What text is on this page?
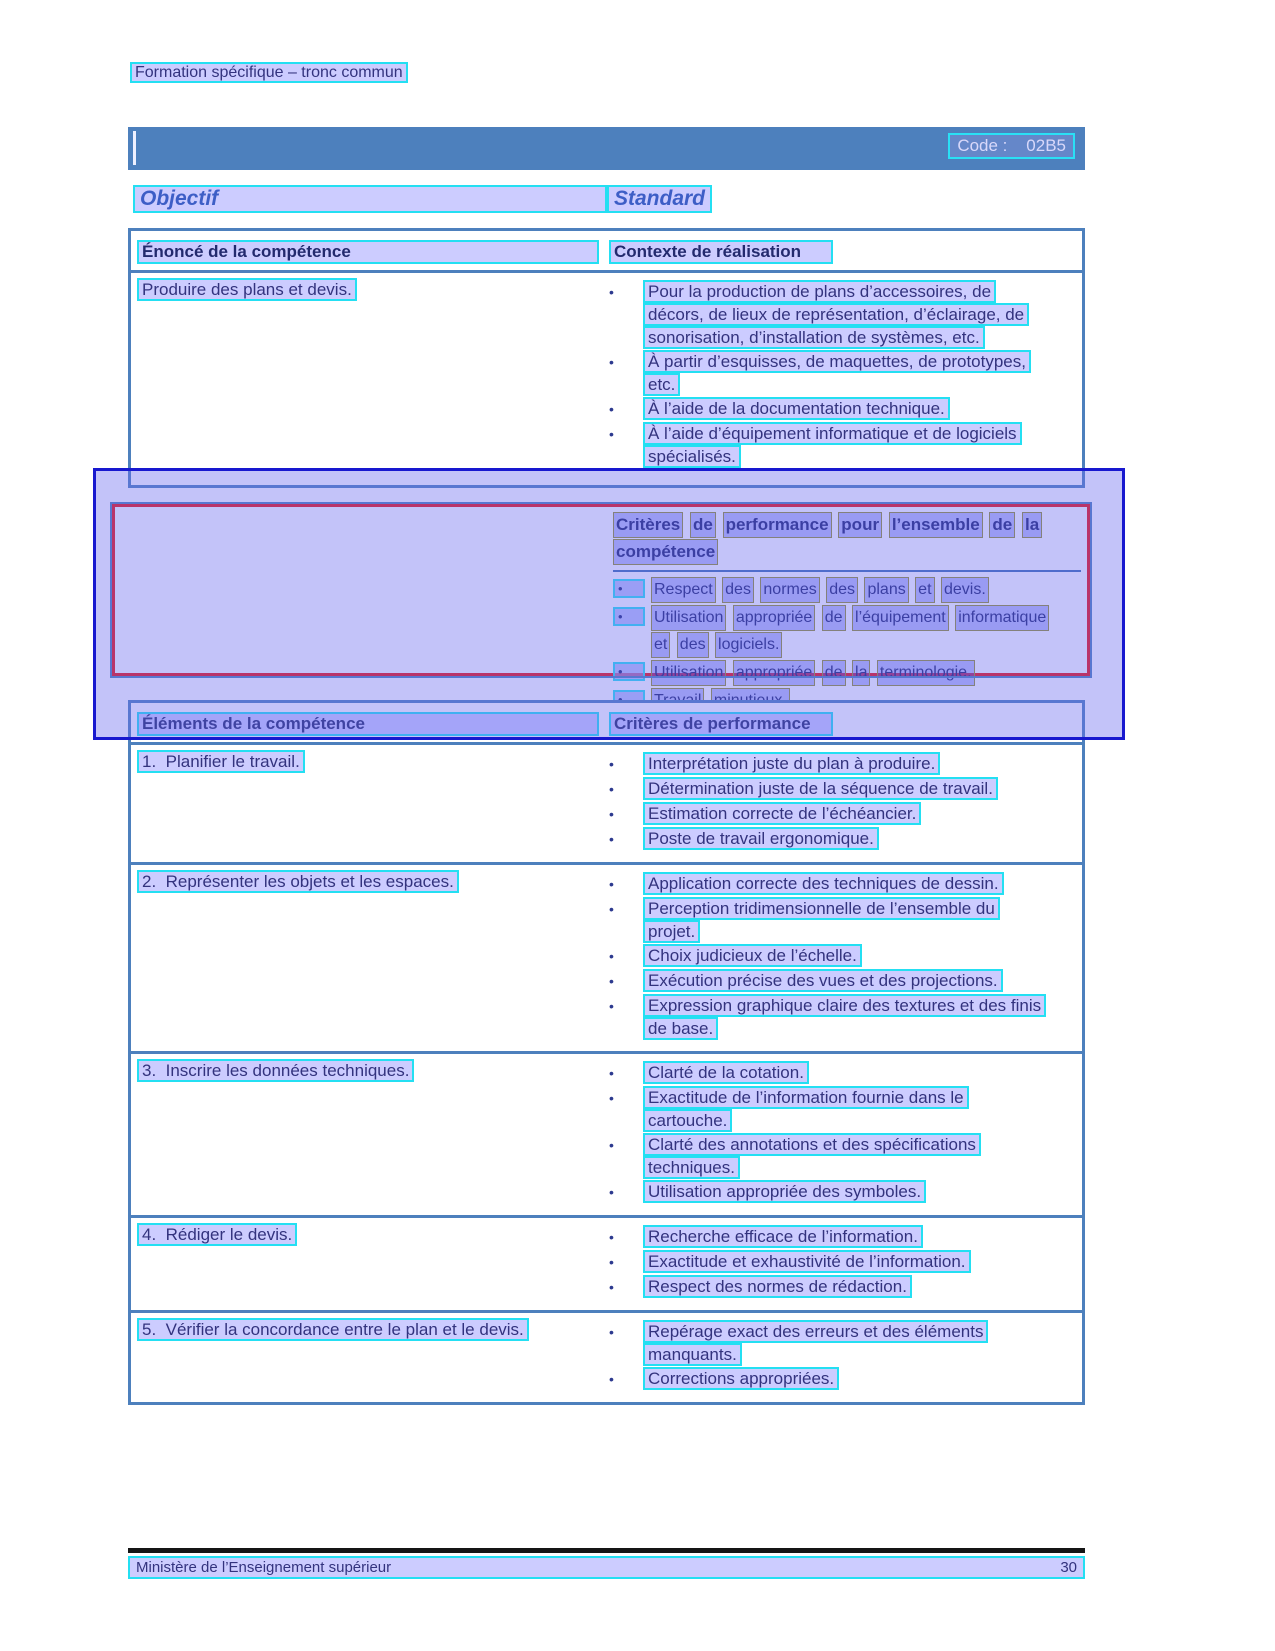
Formation spécifique – tronc commun
Code :    02B5
Objectif	Standard
Énoncé de la compétence	Contexte de réalisation
Produire des plans et devis.	•	Pour la production de plans d’accessoires, de décors, de lieux de représentation, d’éclairage, de sonorisation, d’installation de systèmes, etc.
•	À partir d’esquisses, de maquettes, de prototypes, etc.
•	À l’aide de la documentation technique.
•	À l’aide d’équipement informatique et de logiciels spécialisés.
Critères de performance pour l’ensemble de la compétence
•	Respect des normes des plans et devis.
•	Utilisation appropriée de l’équipement informatique et des logiciels.
•	Utilisation appropriée de la terminologie.

Éléments de la compétence	Critères de performance
1.  Planifier le travail.	•	Interprétation juste du plan à produire.
•	Détermination juste de la séquence de travail.
•	Estimation correcte de l’échéancier.
•	Poste de travail ergonomique.
2.  Représenter les objets et les espaces.	•	Application correcte des techniques de dessin.
•	Perception tridimensionnelle de l’ensemble du projet.
•	Choix judicieux de l’échelle.
•	Exécution précise des vues et des projections.
•	Expression graphique claire des textures et des finis de base.
3.  Inscrire les données techniques.	•	Clarté de la cotation.
•	Exactitude de l’information fournie dans le cartouche.
•	Clarté des annotations et des spécifications techniques.
•	Utilisation appropriée des symboles.
4.  Rédiger le devis.	•	Recherche efficace de l’information.
•	Exactitude et exhaustivité de l’information.
•	Respect des normes de rédaction.
5.  Vérifier la concordance entre le plan et le devis.	•	Repérage exact des erreurs et des éléments manquants.
•	Corrections appropriées.
Ministère de l’Enseignement supérieur	30
